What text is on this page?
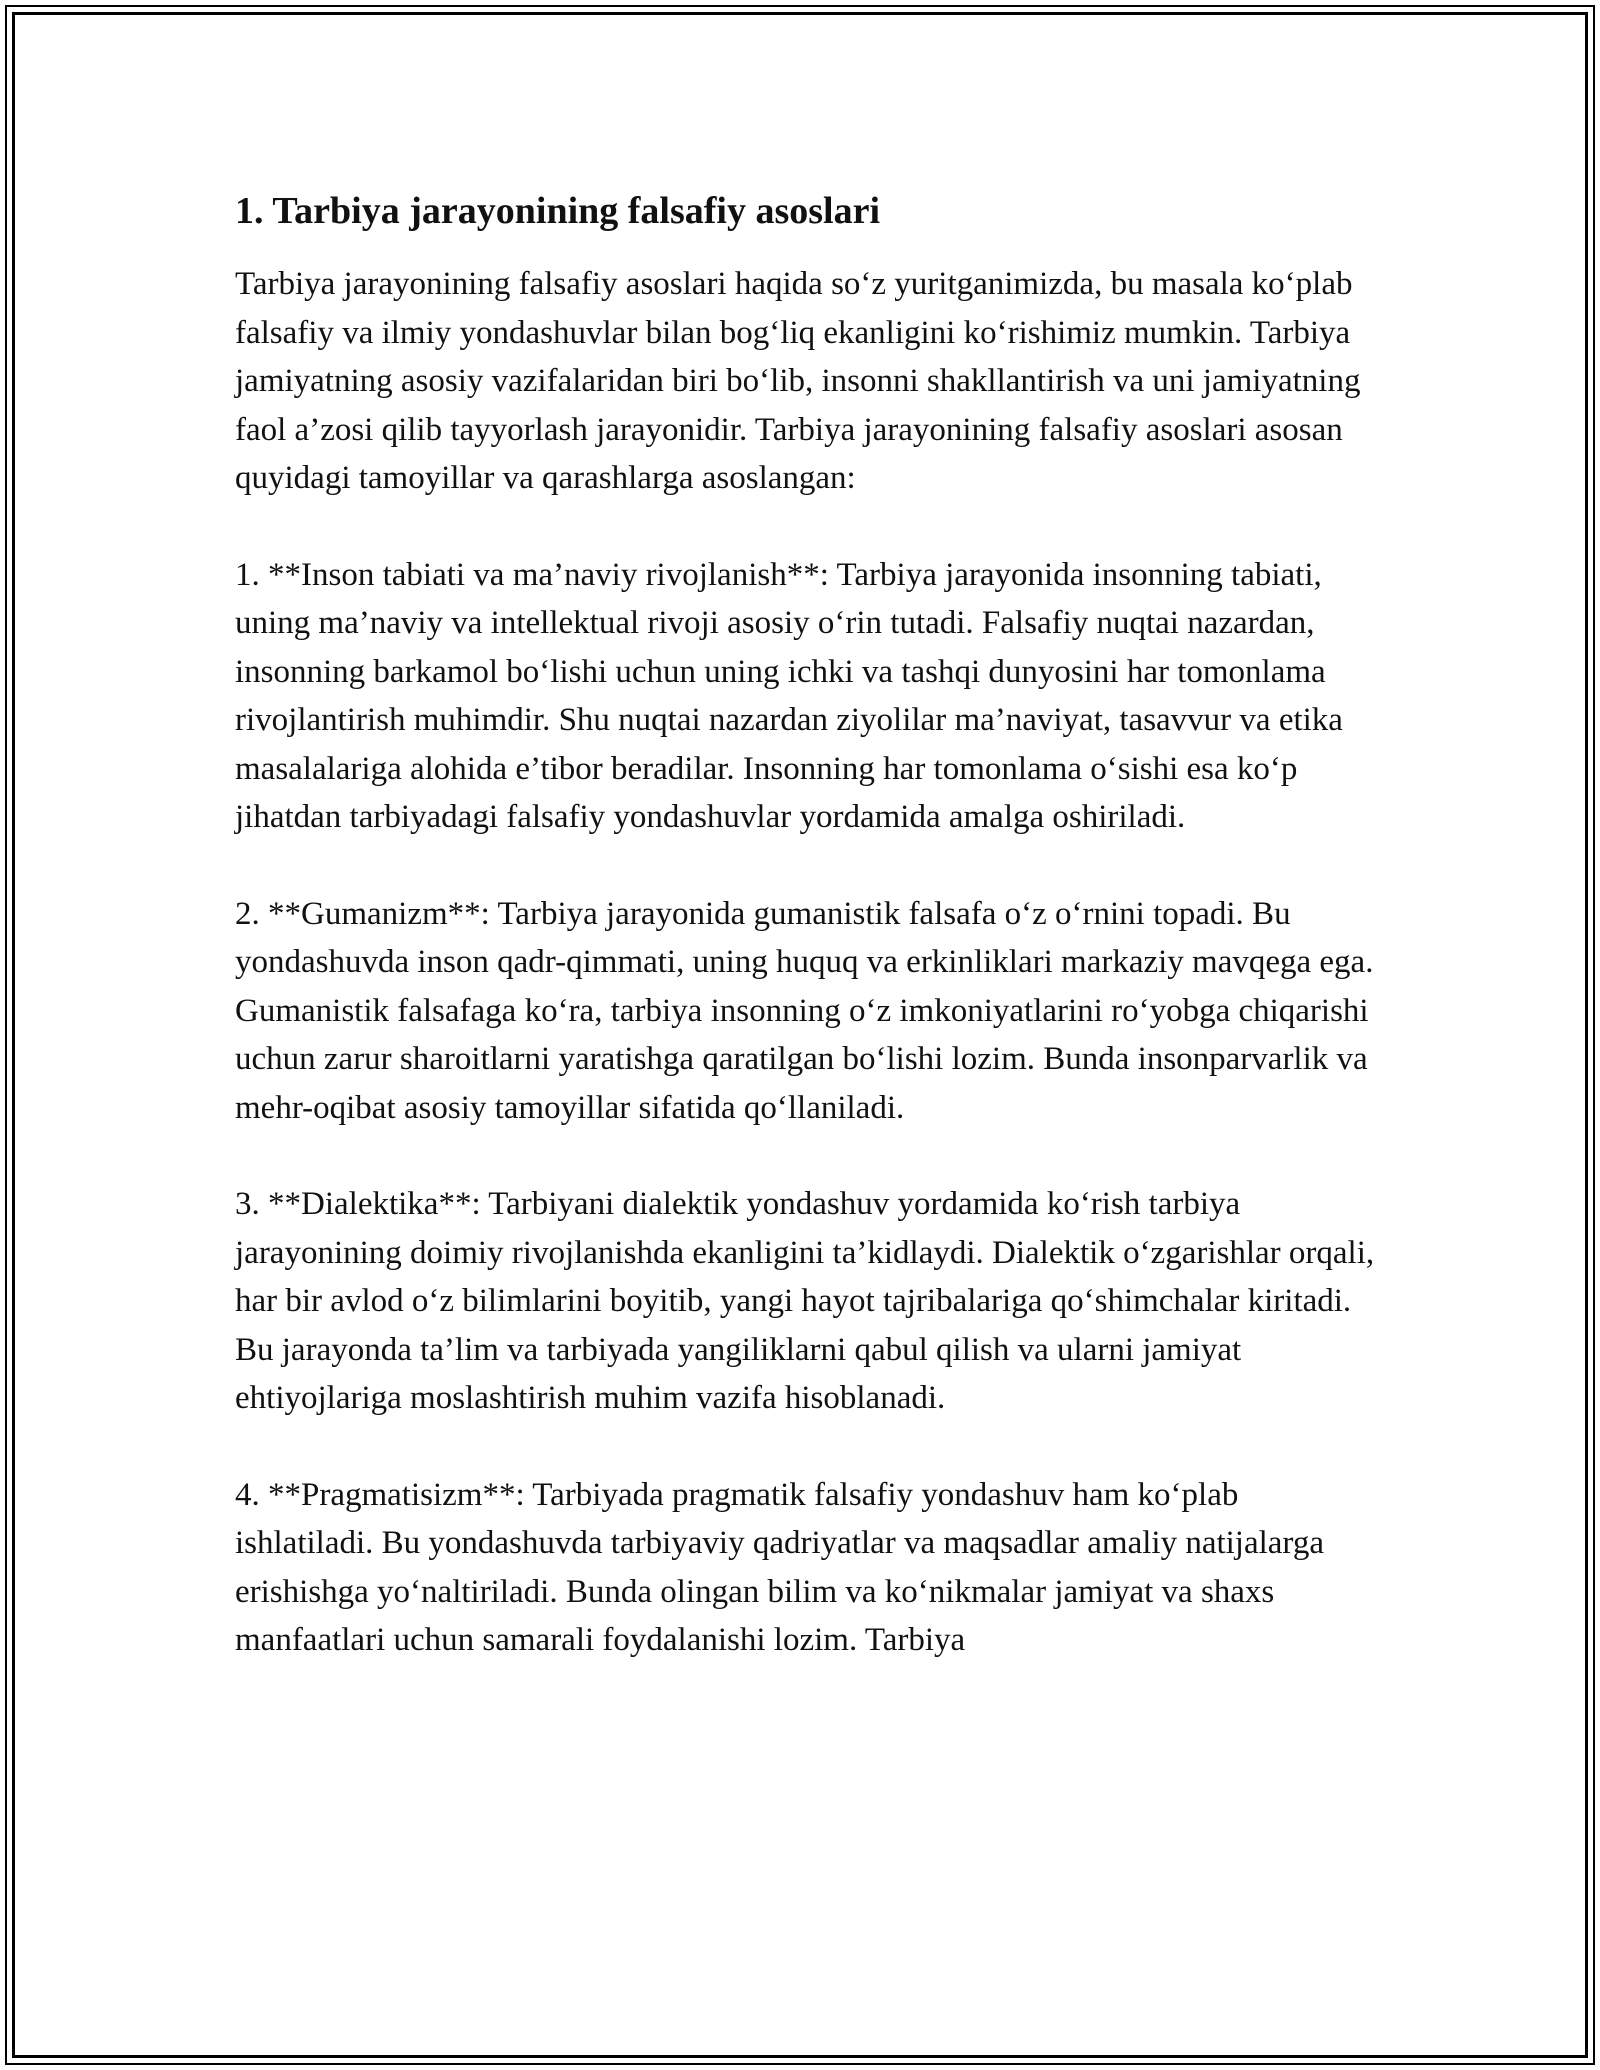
1. Tarbiya jarayonining falsafiy asoslari

Tarbiya jarayonining falsafiy asoslari haqida so‘z yuritganimizda, bu masala ko‘plab falsafiy va ilmiy yondashuvlar bilan bog‘liq ekanligini ko‘rishimiz mumkin. Tarbiya jamiyatning asosiy vazifalaridan biri bo‘lib, insonni shakllantirish va uni jamiyatning faol a’zosi qilib tayyorlash jarayonidir. Tarbiya jarayonining falsafiy asoslari asosan quyidagi tamoyillar va qarashlarga asoslangan:

1. **Inson tabiati va ma’naviy rivojlanish**: Tarbiya jarayonida insonning tabiati, uning ma’naviy va intellektual rivoji asosiy o‘rin tutadi. Falsafiy nuqtai nazardan, insonning barkamol bo‘lishi uchun uning ichki va tashqi dunyosini har tomonlama rivojlantirish muhimdir. Shu nuqtai nazardan ziyolilar ma’naviyat, tasavvur va etika masalalariga alohida e’tibor beradilar. Insonning har tomonlama o‘sishi esa ko‘p jihatdan tarbiyadagi falsafiy yondashuvlar yordamida amalga oshiriladi.

2. **Gumanizm**: Tarbiya jarayonida gumanistik falsafa o‘z o‘rnini topadi. Bu yondashuvda inson qadr-qimmati, uning huquq va erkinliklari markaziy mavqega ega. Gumanistik falsafaga ko‘ra, tarbiya insonning o‘z imkoniyatlarini ro‘yobga chiqarishi uchun zarur sharoitlarni yaratishga qaratilgan bo‘lishi lozim. Bunda insonparvarlik va mehr-oqibat asosiy tamoyillar sifatida qo‘llaniladi.

3. **Dialektika**: Tarbiyani dialektik yondashuv yordamida ko‘rish tarbiya jarayonining doimiy rivojlanishda ekanligini ta’kidlaydi. Dialektik o‘zgarishlar orqali, har bir avlod o‘z bilimlarini boyitib, yangi hayot tajribalariga qo‘shimchalar kiritadi. Bu jarayonda ta’lim va tarbiyada yangiliklarni qabul qilish va ularni jamiyat ehtiyojlariga moslashtirish muhim vazifa hisoblanadi.

4. **Pragmatisizm**: Tarbiyada pragmatik falsafiy yondashuv ham ko‘plab ishlatiladi. Bu yondashuvda tarbiyaviy qadriyatlar va maqsadlar amaliy natijalarga erishishga yo‘naltiriladi. Bunda olingan bilim va ko‘nikmalar jamiyat va shaxs manfaatlari uchun samarali foydalanishi lozim. Tarbiya
